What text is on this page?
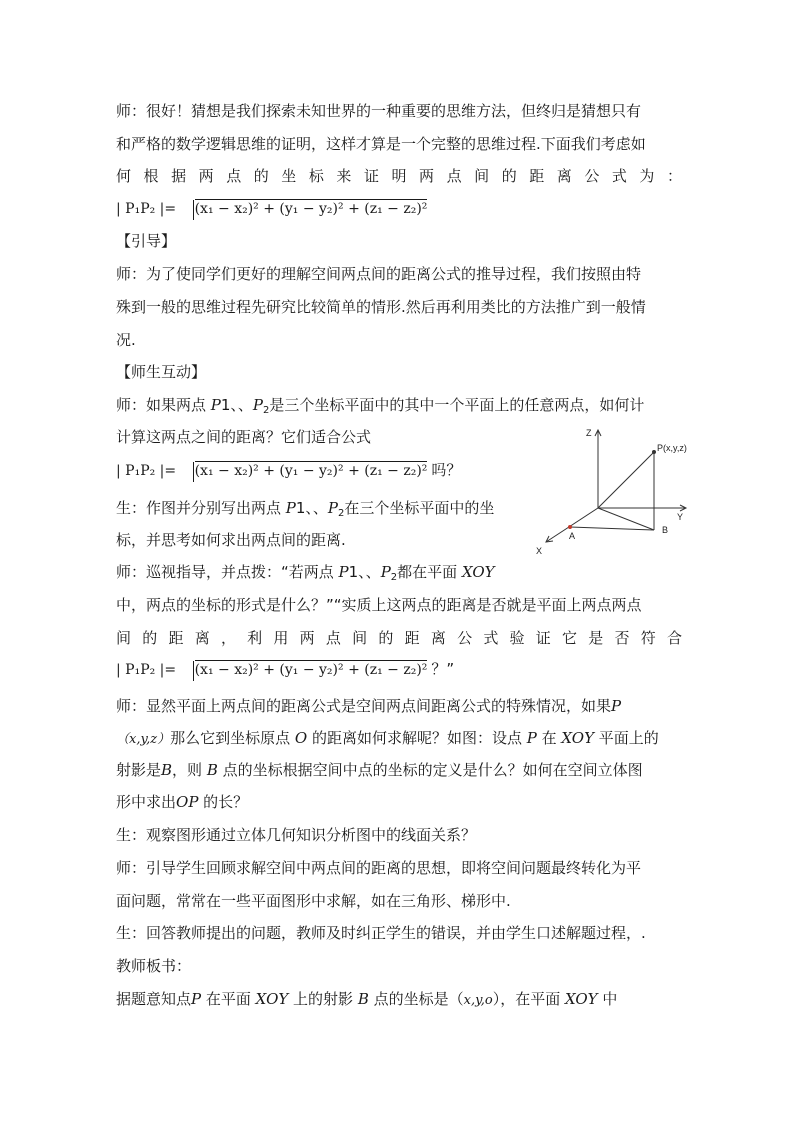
师：很好！猜想是我们探索未知世界的一种重要的思维方法，但终归是猜想只有
和严格的数学逻辑思维的证明，这样才算是一个完整的思维过程.下面我们考虑如
何根据两点的坐标来证明两点间的距离公式为：
| P₁P₂ |= (x₁ − x₂)² + (y₁ − y₂)² + (z₁ − z₂)²
【引导】
师：为了使同学们更好的理解空间两点间的距离公式的推导过程，我们按照由特
殊到一般的思维过程先研究比较简单的情形.然后再利用类比的方法推广到一般情
况.
【师生互动】
师：如果两点 P1、、$P_2$是三个坐标平面中的其中一个平面上的任意两点，如何计
计算这两点之间的距离？它们适合公式
| P₁P₂ |= (x₁ − x₂)² + (y₁ − y₂)² + (z₁ − z₂)² 吗？
生：作图并分别写出两点 P1、、$P_2$在三个坐标平面中的坐
标，并思考如何求出两点间的距离.
师：巡视指导，并点拨：“若两点 P1、、$P_2$都在平面 XOY
中，两点的坐标的形式是什么？”“实质上这两点的距离是否就是平面上两点两点
间的距离，利用两点间的距离公式验证它是否符合
| P₁P₂ |= (x₁ − x₂)² + (y₁ − y₂)² + (z₁ − z₂)² ？”
师：显然平面上两点间的距离公式是空间两点间距离公式的特殊情况，如果P
（x,y,z）那么它到坐标原点 O 的距离如何求解呢？如图：设点 P 在 XOY 平面上的
射影是B，则 B 点的坐标根据空间中点的坐标的定义是什么？如何在空间立体图
形中求出OP 的长？
生：观察图形通过立体几何知识分析图中的线面关系？
师：引导学生回顾求解空间中两点间的距离的思想，即将空间问题最终转化为平
面问题，常常在一些平面图形中求解，如在三角形、梯形中.
生：回答教师提出的问题，教师及时纠正学生的错误，并由学生口述解题过程，.
教师板书：
据题意知点P 在平面 XOY 上的射影 B 点的坐标是（x,y,o），在平面 XOY 中
Z
Y
X
P(x,y,z)
A
B
